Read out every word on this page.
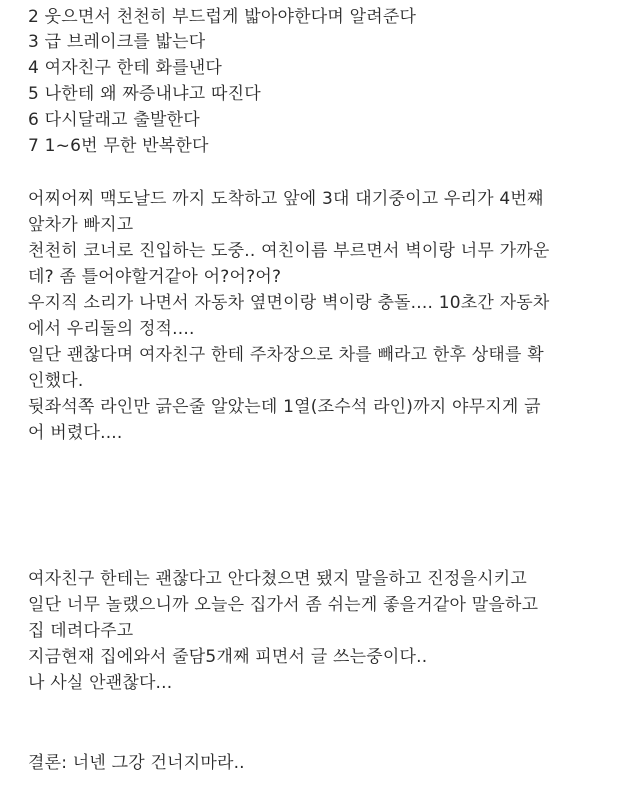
2 웃으면서 천천히 부드럽게 밟아야한다며 알려준다
3 급 브레이크를 밟는다
4 여자친구 한테 화를낸다
5 나한테 왜 짜증내냐고 따진다
6 다시달래고 출발한다
7 1~6번 무한 반복한다
어찌어찌 맥도날드 까지 도착하고 앞에 3대 대기중이고 우리가 4번쨰
앞차가 빠지고
천천히 코너로 진입하는 도중.. 여친이름 부르면서 벽이랑 너무 가까운
데? 좀 틀어야할거같아 어?어?어?
우지직 소리가 나면서 자동차 옆면이랑 벽이랑 충돌.... 10초간 자동차
에서 우리둘의 정적....
일단 괜찮다며 여자친구 한테 주차장으로 차를 빼라고 한후 상태를 확
인했다.
뒷좌석쪽 라인만 긁은줄 알았는데 1열(조수석 라인)까지 야무지게 긁
어 버렸다....
여자친구 한테는 괜찮다고 안다쳤으면 됐지 말을하고 진정을시키고
일단 너무 놀랬으니까 오늘은 집가서 좀 쉬는게 좋을거같아 말을하고
집 데려다주고
지금현재 집에와서 줄담5개째 피면서 글 쓰는중이다..
나 사실 안괜찮다...
결론: 너넨 그강 건너지마라..
